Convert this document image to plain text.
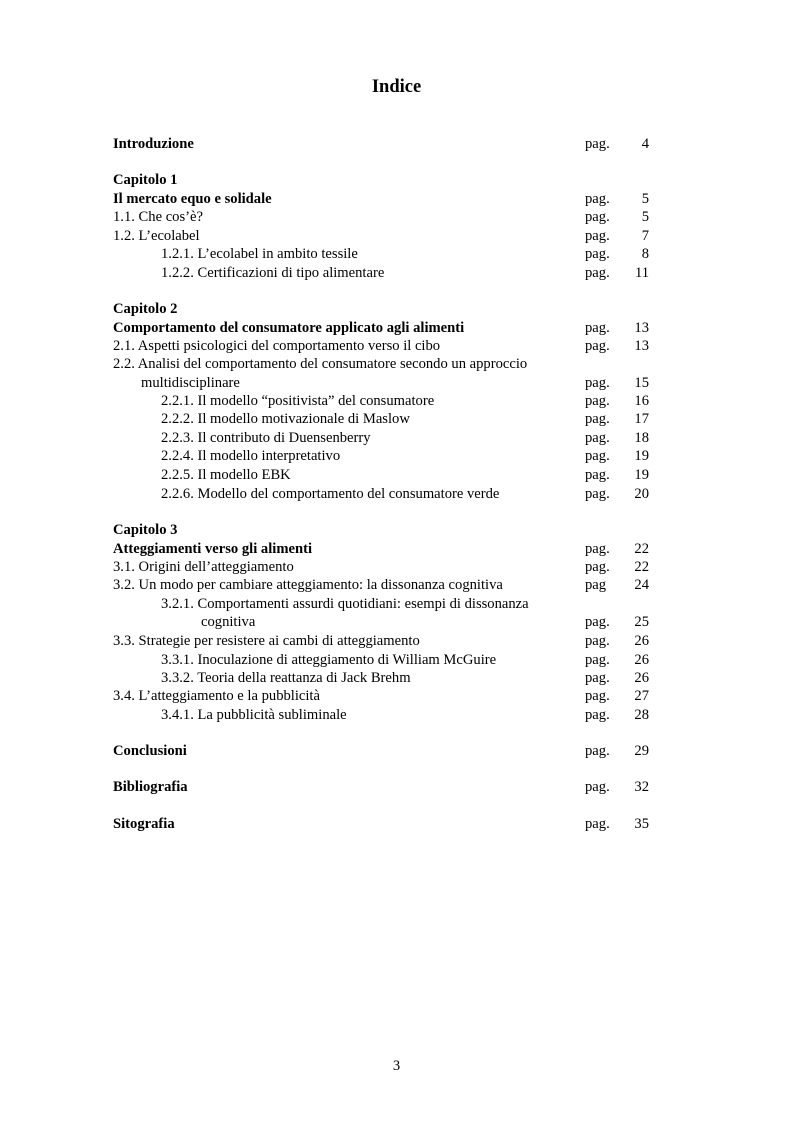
Indice
Introduzione	pag. 4
Capitolo 1
Il mercato equo e solidale	pag. 5
1.1. Che cos’è?	pag. 5
1.2. L’ecolabel	pag. 7
1.2.1. L’ecolabel in ambito tessile	pag. 8
1.2.2. Certificazioni di tipo alimentare	pag. 11
Capitolo 2
Comportamento del consumatore applicato agli alimenti	pag. 13
2.1. Aspetti psicologici del comportamento verso il cibo	pag. 13
2.2. Analisi del comportamento del consumatore secondo un approccio
multidisciplinare	pag. 15
2.2.1. Il modello “positivista” del consumatore	pag. 16
2.2.2. Il modello motivazionale di Maslow	pag. 17
2.2.3. Il contributo di Duensenberry	pag. 18
2.2.4. Il modello interpretativo	pag. 19
2.2.5. Il modello EBK	pag. 19
2.2.6. Modello del comportamento del consumatore verde	pag. 20
Capitolo 3
Atteggiamenti verso gli alimenti	pag. 22
3.1. Origini dell’atteggiamento	pag. 22
3.2. Un modo per cambiare atteggiamento: la dissonanza cognitiva	pag 24
3.2.1. Comportamenti assurdi quotidiani: esempi di dissonanza
cognitiva	pag. 25
3.3. Strategie per resistere ai cambi di atteggiamento	pag. 26
3.3.1. Inoculazione di atteggiamento di William McGuire	pag. 26
3.3.2. Teoria della reattanza di Jack Brehm	pag. 26
3.4. L’atteggiamento e la pubblicità	pag. 27
3.4.1. La pubblicità subliminale	pag. 28
Conclusioni	pag. 29
Bibliografia	pag. 32
Sitografia	pag. 35
3
